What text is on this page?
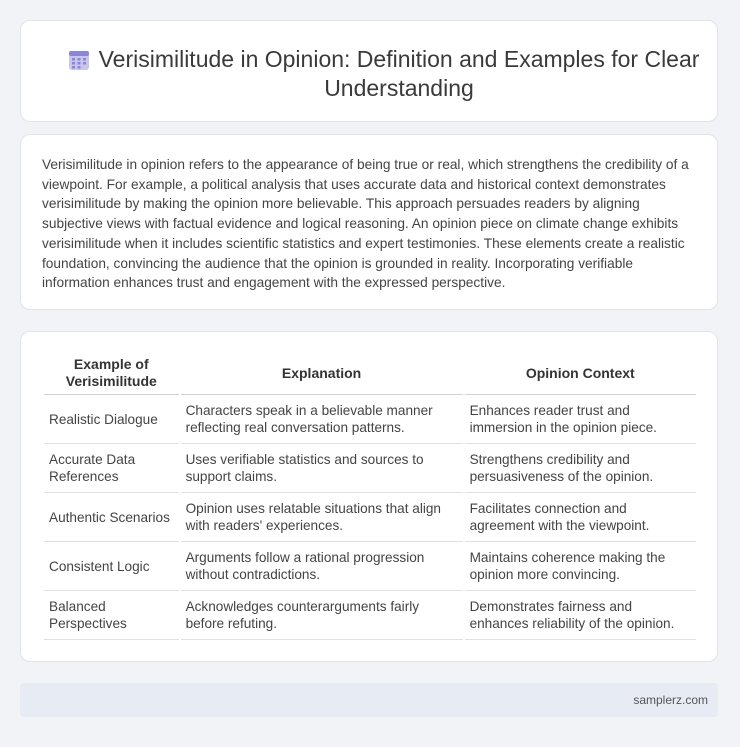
Verisimilitude in Opinion: Definition and Examples for Clear Understanding

Verisimilitude in opinion refers to the appearance of being true or real, which strengthens the credibility of a viewpoint. For example, a political analysis that uses accurate data and historical context demonstrates verisimilitude by making the opinion more believable. This approach persuades readers by aligning subjective views with factual evidence and logical reasoning. An opinion piece on climate change exhibits verisimilitude when it includes scientific statistics and expert testimonies. These elements create a realistic foundation, convincing the audience that the opinion is grounded in reality. Incorporating verifiable information enhances trust and engagement with the expressed perspective.

Example of Verisimilitude	Explanation	Opinion Context
Realistic Dialogue	Characters speak in a believable manner reflecting real conversation patterns.	Enhances reader trust and immersion in the opinion piece.
Accurate Data References	Uses verifiable statistics and sources to support claims.	Strengthens credibility and persuasiveness of the opinion.
Authentic Scenarios	Opinion uses relatable situations that align with readers' experiences.	Facilitates connection and agreement with the viewpoint.
Consistent Logic	Arguments follow a rational progression without contradictions.	Maintains coherence making the opinion more convincing.
Balanced Perspectives	Acknowledges counterarguments fairly before refuting.	Demonstrates fairness and enhances reliability of the opinion.
samplerz.com
